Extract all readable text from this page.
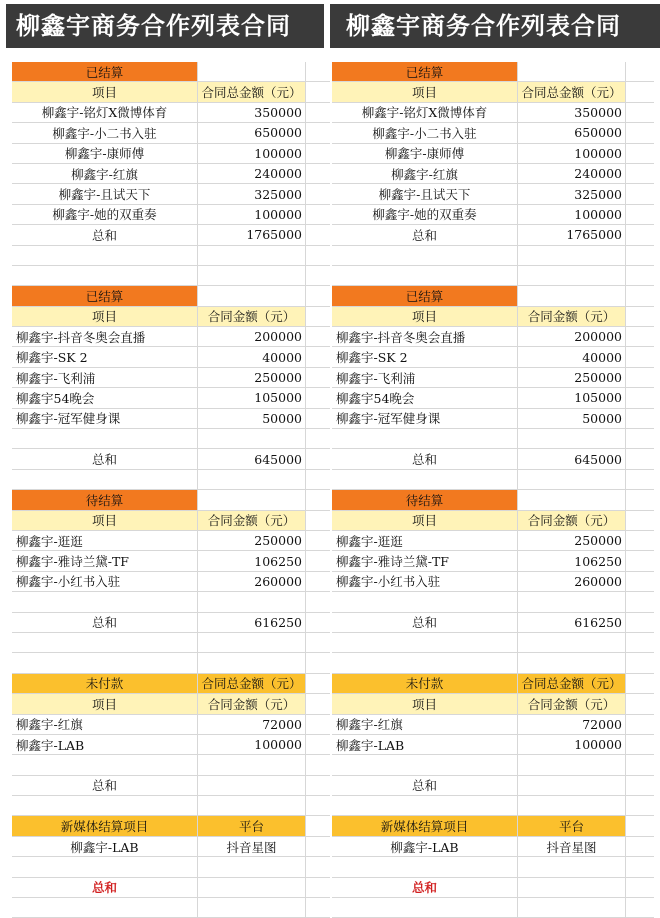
柳鑫宇商务合作列表合同	柳鑫宇商务合作列表合同
已结算
项目	合同总金额（元）
柳鑫宇-铭灯X微博体育	350000
柳鑫宇-小二书入驻	650000
柳鑫宇-康师傅	100000
柳鑫宇-红旗	240000
柳鑫宇-且试天下	325000
柳鑫宇-她的双重奏	100000
总和	1765000
已结算
项目	合同金额（元）
柳鑫宇-抖音冬奥会直播	200000
柳鑫宇-SK 2	40000
柳鑫宇-飞利浦	250000
柳鑫宇54晚会	105000
柳鑫宇-冠军健身课	50000
总和	645000
待结算
项目	合同金额（元）
柳鑫宇-逛逛	250000
柳鑫宇-雅诗兰黛-TF	106250
柳鑫宇-小红书入驻	260000
总和	616250
未付款	合同总金额（元）
项目	合同金额（元）
柳鑫宇-红旗	72000
柳鑫宇-LAB	100000
总和
新媒体结算项目	平台
柳鑫宇-LAB	抖音星图
总和
已结算
项目	合同总金额（元）
柳鑫宇-铭灯X微博体育	350000
柳鑫宇-小二书入驻	650000
柳鑫宇-康师傅	100000
柳鑫宇-红旗	240000
柳鑫宇-且试天下	325000
柳鑫宇-她的双重奏	100000
总和	1765000
已结算
项目	合同金额（元）
柳鑫宇-抖音冬奥会直播	200000
柳鑫宇-SK 2	40000
柳鑫宇-飞利浦	250000
柳鑫宇54晚会	105000
柳鑫宇-冠军健身课	50000
总和	645000
待结算
项目	合同金额（元）
柳鑫宇-逛逛	250000
柳鑫宇-雅诗兰黛-TF	106250
柳鑫宇-小红书入驻	260000
总和	616250
未付款	合同总金额（元）
项目	合同金额（元）
柳鑫宇-红旗	72000
柳鑫宇-LAB	100000
总和
新媒体结算项目	平台
柳鑫宇-LAB	抖音星图
总和
